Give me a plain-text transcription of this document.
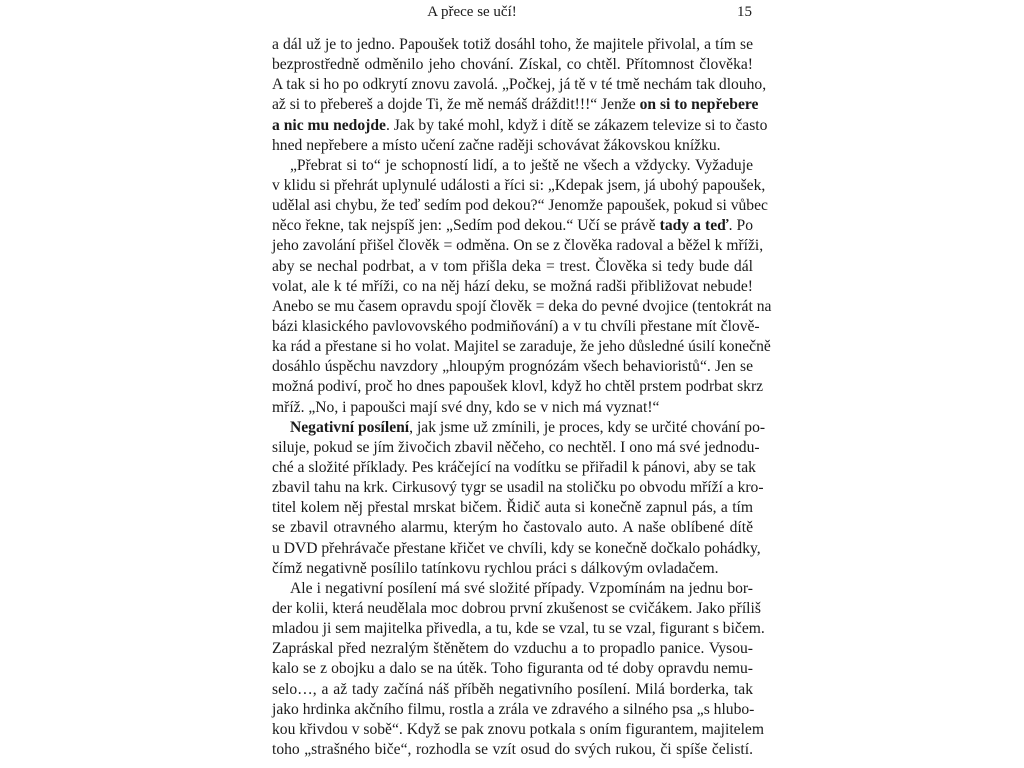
A přece se učí!	15
a dál už je to jedno. Papoušek totiž dosáhl toho, že majitele přivolal, a tím se
bezprostředně odměnilo jeho chování. Získal, co chtěl. Přítomnost člověka!
A tak si ho po odkrytí znovu zavolá. „Počkej, já tě v té tmě nechám tak dlouho,
až si to přebereš a dojde Ti, že mě nemáš dráždit!!!“ Jenže on si to nepřebere
a nic mu nedojde. Jak by také mohl, když i dítě se zákazem televize si to často
hned nepřebere a místo učení začne raději schovávat žákovskou knížku.
„Přebrat si to“ je schopností lidí, a to ještě ne všech a vždycky. Vyžaduje
v klidu si přehrát uplynulé události a říci si: „Kdepak jsem, já ubohý papoušek,
udělal asi chybu, že teď sedím pod dekou?“ Jenomže papoušek, pokud si vůbec
něco řekne, tak nejspíš jen: „Sedím pod dekou.“ Učí se právě tady a teď. Po
jeho zavolání přišel člověk = odměna. On se z člověka radoval a běžel k mříži,
aby se nechal podrbat, a v tom přišla deka = trest. Člověka si tedy bude dál
volat, ale k té mříži, co na něj hází deku, se možná radši přibližovat nebude!
Anebo se mu časem opravdu spojí člověk = deka do pevné dvojice (tentokrát na
bázi klasického pavlovovského podmiňování) a v tu chvíli přestane mít člově-
ka rád a přestane si ho volat. Majitel se zaraduje, že jeho důsledné úsilí konečně
dosáhlo úspěchu navzdory „hloupým prognózám všech behavioristů“. Jen se
možná podiví, proč ho dnes papoušek klovl, když ho chtěl prstem podrbat skrz
mříž. „No, i papoušci mají své dny, kdo se v nich má vyznat!“
Negativní posílení, jak jsme už zmínili, je proces, kdy se určité chování po-
siluje, pokud se jím živočich zbavil něčeho, co nechtěl. I ono má své jednodu-
ché a složité příklady. Pes kráčející na vodítku se přiřadil k pánovi, aby se tak
zbavil tahu na krk. Cirkusový tygr se usadil na stoličku po obvodu mříží a kro-
titel kolem něj přestal mrskat bičem. Řidič auta si konečně zapnul pás, a tím
se zbavil otravného alarmu, kterým ho častovalo auto. A naše oblíbené dítě
u DVD přehrávače přestane křičet ve chvíli, kdy se konečně dočkalo pohádky,
čímž negativně posílilo tatínkovu rychlou práci s dálkovým ovladačem.
Ale i negativní posílení má své složité případy. Vzpomínám na jednu bor-
der kolii, která neudělala moc dobrou první zkušenost se cvičákem. Jako příliš
mladou ji sem majitelka přivedla, a tu, kde se vzal, tu se vzal, figurant s bičem.
Zapráskal před nezralým štěnětem do vzduchu a to propadlo panice. Vysou-
kalo se z obojku a dalo se na útěk. Toho figuranta od té doby opravdu nemu-
selo…, a až tady začíná náš příběh negativního posílení. Milá borderka, tak
jako hrdinka akčního filmu, rostla a zrála ve zdravého a silného psa „s hlubo-
kou křivdou v sobě“. Když se pak znovu potkala s oním figurantem, majitelem
toho „strašného biče“, rozhodla se vzít osud do svých rukou, či spíše čelistí.
